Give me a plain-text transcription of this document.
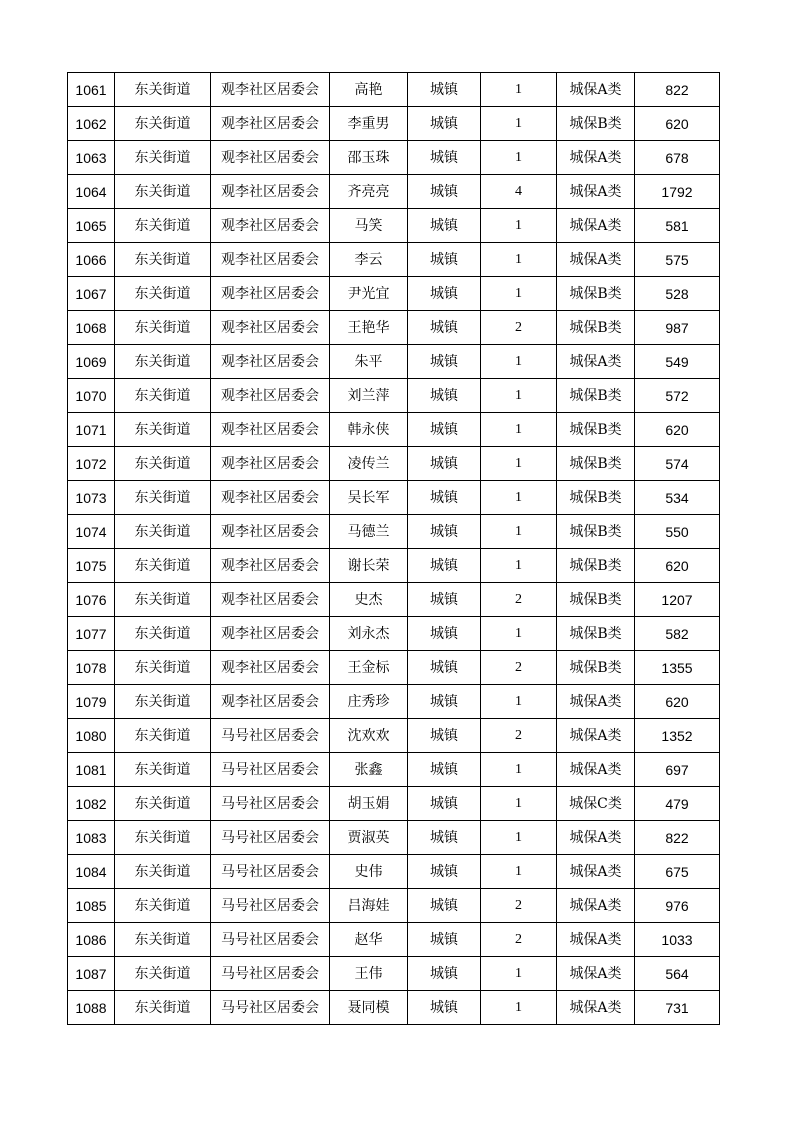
1061	东关街道	观李社区居委会	高艳	城镇	1	城保A类	822
1062	东关街道	观李社区居委会	李重男	城镇	1	城保B类	620
1063	东关街道	观李社区居委会	邵玉珠	城镇	1	城保A类	678
1064	东关街道	观李社区居委会	齐亮亮	城镇	4	城保A类	1792
1065	东关街道	观李社区居委会	马笑	城镇	1	城保A类	581
1066	东关街道	观李社区居委会	李云	城镇	1	城保A类	575
1067	东关街道	观李社区居委会	尹光宜	城镇	1	城保B类	528
1068	东关街道	观李社区居委会	王艳华	城镇	2	城保B类	987
1069	东关街道	观李社区居委会	朱平	城镇	1	城保A类	549
1070	东关街道	观李社区居委会	刘兰萍	城镇	1	城保B类	572
1071	东关街道	观李社区居委会	韩永侠	城镇	1	城保B类	620
1072	东关街道	观李社区居委会	凌传兰	城镇	1	城保B类	574
1073	东关街道	观李社区居委会	吴长军	城镇	1	城保B类	534
1074	东关街道	观李社区居委会	马德兰	城镇	1	城保B类	550
1075	东关街道	观李社区居委会	谢长荣	城镇	1	城保B类	620
1076	东关街道	观李社区居委会	史杰	城镇	2	城保B类	1207
1077	东关街道	观李社区居委会	刘永杰	城镇	1	城保B类	582
1078	东关街道	观李社区居委会	王金标	城镇	2	城保B类	1355
1079	东关街道	观李社区居委会	庄秀珍	城镇	1	城保A类	620
1080	东关街道	马号社区居委会	沈欢欢	城镇	2	城保A类	1352
1081	东关街道	马号社区居委会	张鑫	城镇	1	城保A类	697
1082	东关街道	马号社区居委会	胡玉娟	城镇	1	城保C类	479
1083	东关街道	马号社区居委会	贾淑英	城镇	1	城保A类	822
1084	东关街道	马号社区居委会	史伟	城镇	1	城保A类	675
1085	东关街道	马号社区居委会	吕海娃	城镇	2	城保A类	976
1086	东关街道	马号社区居委会	赵华	城镇	2	城保A类	1033
1087	东关街道	马号社区居委会	王伟	城镇	1	城保A类	564
1088	东关街道	马号社区居委会	聂同模	城镇	1	城保A类	731
